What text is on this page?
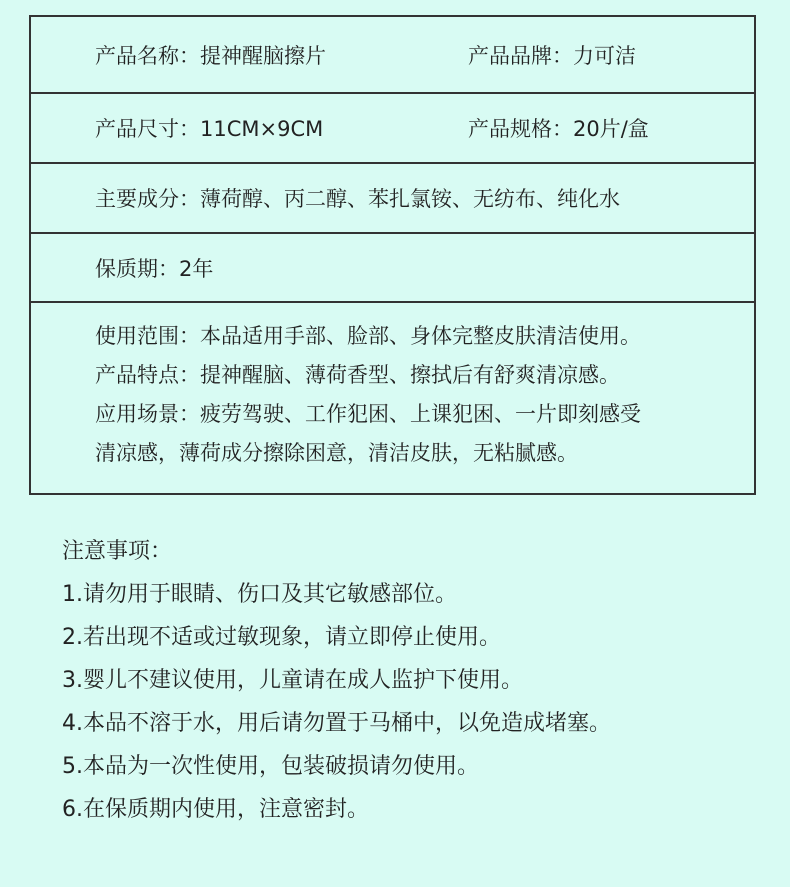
产品名称：提神醒脑擦片	产品品牌：力可洁
产品尺寸：11CM×9CM	产品规格：20片/盒
主要成分： 薄荷醇、丙二醇、苯扎氯铵、无纺布、纯化水
保质期： 2年
使用范围：本品适用手部、脸部、身体完整皮肤清洁使用。
产品特点：提神醒脑、薄荷香型、擦拭后有舒爽清凉感。
应用场景：疲劳驾驶、工作犯困、上课犯困、一片即刻感受
清凉感，薄荷成分擦除困意，清洁皮肤，无粘腻感。
注意事项：
1.请勿用于眼睛、伤口及其它敏感部位。
2.若出现不适或过敏现象，请立即停止使用。
3.婴儿不建议使用，儿童请在成人监护下使用。
4.本品不溶于水，用后请勿置于马桶中，以免造成堵塞。
5.本品为一次性使用，包装破损请勿使用。
6.在保质期内使用，注意密封。
